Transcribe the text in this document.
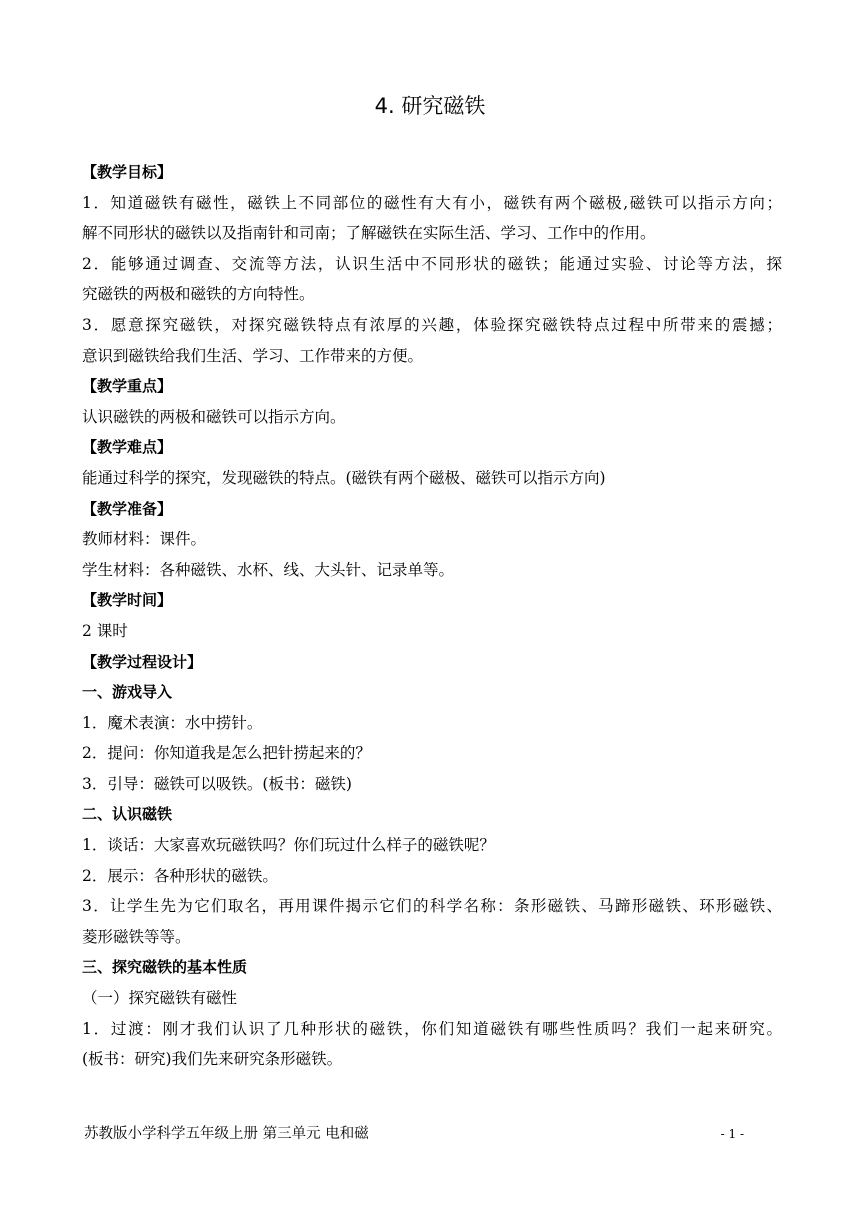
4. 研究磁铁
【教学目标】
1．知道磁铁有磁性，磁铁上不同部位的磁性有大有小，磁铁有两个磁极,磁铁可以指示方向；
解不同形状的磁铁以及指南针和司南；了解磁铁在实际生活、学习、工作中的作用。
2．能够通过调查、交流等方法，认识生活中不同形状的磁铁；能通过实验、讨论等方法，探
究磁铁的两极和磁铁的方向特性。
3．愿意探究磁铁，对探究磁铁特点有浓厚的兴趣，体验探究磁铁特点过程中所带来的震撼；
意识到磁铁给我们生活、学习、工作带来的方便。
【教学重点】
认识磁铁的两极和磁铁可以指示方向。
【教学难点】
能通过科学的探究，发现磁铁的特点。(磁铁有两个磁极、磁铁可以指示方向)
【教学准备】
教师材料：课件。
学生材料：各种磁铁、水杯、线、大头针、记录单等。
【教学时间】
2 课时
【教学过程设计】
一、游戏导入
1．魔术表演：水中捞针。
2．提问：你知道我是怎么把针捞起来的？
3．引导：磁铁可以吸铁。(板书：磁铁)
二、认识磁铁
1．谈话：大家喜欢玩磁铁吗？你们玩过什么样子的磁铁呢？
2．展示：各种形状的磁铁。
3．让学生先为它们取名，再用课件揭示它们的科学名称：条形磁铁、马蹄形磁铁、环形磁铁、
菱形磁铁等等。
三、探究磁铁的基本性质
（一）探究磁铁有磁性
1．过渡：刚才我们认识了几种形状的磁铁，你们知道磁铁有哪些性质吗？我们一起来研究。
(板书：研究)我们先来研究条形磁铁。
苏教版小学科学五年级上册 第三单元 电和磁	- 1 -
